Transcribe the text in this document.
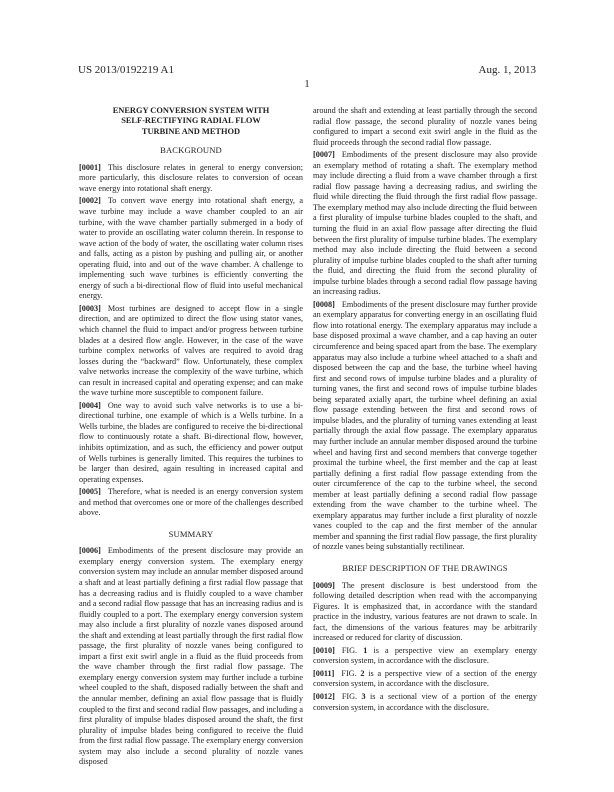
US 2013/0192219 A1	Aug. 1, 2013
1
ENERGY CONVERSION SYSTEM WITH
SELF-RECTIFYING RADIAL FLOW
TURBINE AND METHOD
BACKGROUND

[0001] This disclosure relates in general to energy conversion; more particularly, this disclosure relates to conversion of ocean wave energy into rotational shaft energy.

[0002] To convert wave energy into rotational shaft energy, a wave turbine may include a wave chamber coupled to an air turbine, with the wave chamber partially submerged in a body of water to provide an oscillating water column therein. In response to wave action of the body of water, the oscillating water column rises and falls, acting as a piston by pushing and pulling air, or another operating fluid, into and out of the wave chamber. A challenge to implementing such wave turbines is efficiently converting the energy of such a bi-directional flow of fluid into useful mechanical energy.

[0003] Most turbines are designed to accept flow in a single direction, and are optimized to direct the flow using stator vanes, which channel the fluid to impact and/or progress between turbine blades at a desired flow angle. However, in the case of the wave turbine complex networks of valves are required to avoid drag losses during the “backward” flow. Unfortunately, these complex valve networks increase the complexity of the wave turbine, which can result in increased capital and operating expense; and can make the wave turbine more susceptible to component failure.

[0004] One way to avoid such valve networks is to use a bi-directional turbine, one example of which is a Wells turbine. In a Wells turbine, the blades are configured to receive the bi-directional flow to continuously rotate a shaft. Bi-directional flow, however, inhibits optimization, and as such, the efficiency and power output of Wells turbines is generally limited. This requires the turbines to be larger than desired, again resulting in increased capital and operating expenses.

[0005] Therefore, what is needed is an energy conversion system and method that overcomes one or more of the challenges described above.

SUMMARY

[0006] Embodiments of the present disclosure may provide an exemplary energy conversion system. The exemplary energy conversion system may include an annular member disposed around a shaft and at least partially defining a first radial flow passage that has a decreasing radius and is fluidly coupled to a wave chamber and a second radial flow passage that has an increasing radius and is fluidly coupled to a port. The exemplary energy conversion system may also include a first plurality of nozzle vanes disposed around the shaft and extending at least partially through the first radial flow passage, the first plurality of nozzle vanes being configured to impart a first exit swirl angle in a fluid as the fluid proceeds from the wave chamber through the first radial flow passage. The exemplary energy conversion system may further include a turbine wheel coupled to the shaft, disposed radially between the shaft and the annular member, defining an axial flow passage that is fluidly coupled to the first and second radial flow passages, and including a first plurality of impulse blades disposed around the shaft, the first plurality of impulse blades being configured to receive the fluid from the first radial flow passage. The exemplary energy conversion system may also include a second plurality of nozzle vanes disposed

around the shaft and extending at least partially through the second radial flow passage, the second plurality of nozzle vanes being configured to impart a second exit swirl angle in the fluid as the fluid proceeds through the second radial flow passage.

[0007] Embodiments of the present disclosure may also provide an exemplary method of rotating a shaft. The exemplary method may include directing a fluid from a wave chamber through a first radial flow passage having a decreasing radius, and swirling the fluid while directing the fluid through the first radial flow passage. The exemplary method may also include directing the fluid between a first plurality of impulse turbine blades coupled to the shaft, and turning the fluid in an axial flow passage after directing the fluid between the first plurality of impulse turbine blades. The exemplary method may also include directing the fluid between a second plurality of impulse turbine blades coupled to the shaft after turning the fluid, and directing the fluid from the second plurality of impulse turbine blades through a second radial flow passage having an increasing radius.

[0008] Embodiments of the present disclosure may further provide an exemplary apparatus for converting energy in an oscillating fluid flow into rotational energy. The exemplary apparatus may include a base disposed proximal a wave chamber, and a cap having an outer circumference and being spaced apart from the base. The exemplary apparatus may also include a turbine wheel attached to a shaft and disposed between the cap and the base, the turbine wheel having first and second rows of impulse turbine blades and a plurality of turning vanes, the first and second rows of impulse turbine blades being separated axially apart, the turbine wheel defining an axial flow passage extending between the first and second rows of impulse blades, and the plurality of turning vanes extending at least partially through the axial flow passage. The exemplary apparatus may further include an annular member disposed around the turbine wheel and having first and second members that converge together proximal the turbine wheel, the first member and the cap at least partially defining a first radial flow passage extending from the outer circumference of the cap to the turbine wheel, the second member at least partially defining a second radial flow passage extending from the wave chamber to the turbine wheel. The exemplary apparatus may further include a first plurality of nozzle vanes coupled to the cap and the first member of the annular member and spanning the first radial flow passage, the first plurality of nozzle vanes being substantially rectilinear.

BRIEF DESCRIPTION OF THE DRAWINGS

[0009] The present disclosure is best understood from the following detailed description when read with the accompanying Figures. It is emphasized that, in accordance with the standard practice in the industry, various features are not drawn to scale. In fact, the dimensions of the various features may be arbitrarily increased or reduced for clarity of discussion.

[0010] FIG. 1 is a perspective view an exemplary energy conversion system, in accordance with the disclosure.

[0011] FIG. 2 is a perspective view of a section of the energy conversion system, in accordance with the disclosure.

[0012] FIG. 3 is a sectional view of a portion of the energy conversion system, in accordance with the disclosure.
